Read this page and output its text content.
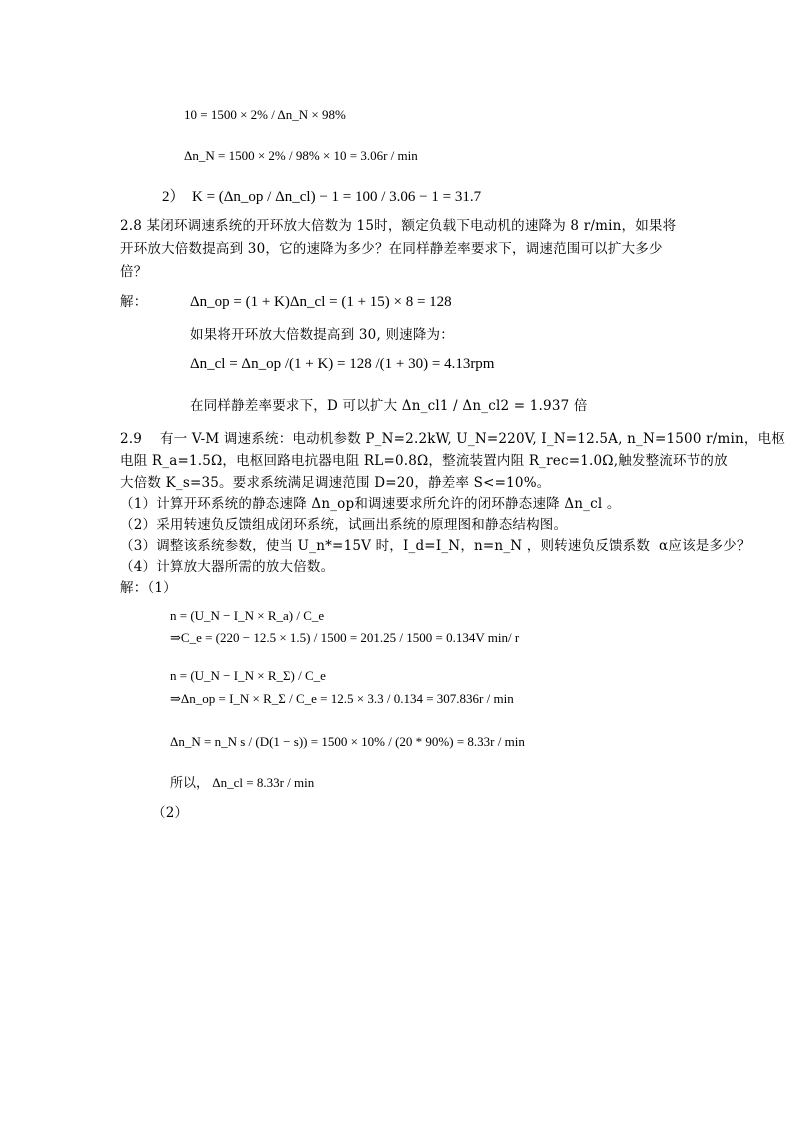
10 = 1500 × 2% / Δn_N × 98%
Δn_N = 1500 × 2% / 98% × 10 = 3.06r / min
2）  K = (Δn_op / Δn_cl) − 1 = 100 / 3.06 − 1 = 31.7
2.8 某闭环调速系统的开环放大倍数为 15时，额定负载下电动机的速降为 8 r/min，如果将
开环放大倍数提高到 30，它的速降为多少？在同样静差率要求下，调速范围可以扩大多少
倍？
解：	Δn_op = (1 + K)Δn_cl = (1 + 15) × 8 = 128
如果将开环放大倍数提高到 30, 则速降为：
Δn_cl = Δn_op /(1 + K) = 128 /(1 + 30) = 4.13rpm
在同样静差率要求下，D 可以扩大 Δn_cl1 / Δn_cl2 = 1.937 倍
2.9    有一 V-M 调速系统：电动机参数 P_N=2.2kW, U_N=220V, I_N=12.5A, n_N=1500 r/min，电枢
电阻 R_a=1.5Ω，电枢回路电抗器电阻 RL=0.8Ω，整流装置内阻 R_rec=1.0Ω,触发整流环节的放
大倍数 K_s=35。要求系统满足调速范围 D=20，静差率 S<=10%。
（1）计算开环系统的静态速降 Δn_op和调速要求所允许的闭环静态速降 Δn_cl 。
（2）采用转速负反馈组成闭环系统，试画出系统的原理图和静态结构图。
（3）调整该系统参数，使当 U_n*=15V 时，I_d=I_N，n=n_N ，则转速负反馈系数  α应该是多少？
（4）计算放大器所需的放大倍数。
解：（1）
n = (U_N − I_N × R_a) / C_e
⇒C_e = (220 − 12.5 × 1.5) / 1500 = 201.25 / 1500 = 0.134V min/ r
n = (U_N − I_N × R_Σ) / C_e
⇒Δn_op = I_N × R_Σ / C_e = 12.5 × 3.3 / 0.134 = 307.836r / min
Δn_N = n_N s / (D(1 − s)) = 1500 × 10% / (20 * 90%) = 8.33r / min
所以， Δn_cl = 8.33r / min
（2）
